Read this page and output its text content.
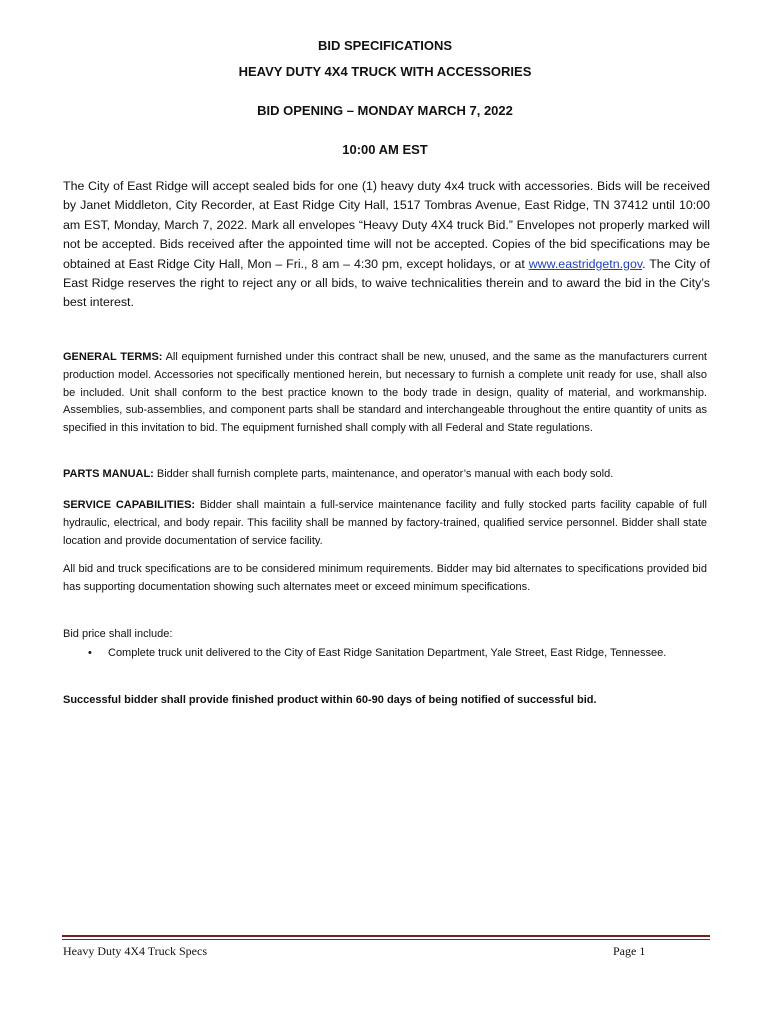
BID SPECIFICATIONS
HEAVY DUTY 4X4 TRUCK WITH ACCESSORIES
BID OPENING – MONDAY MARCH 7, 2022
10:00 AM EST
The City of East Ridge will accept sealed bids for one (1) heavy duty 4x4 truck with accessories. Bids will be received by Janet Middleton, City Recorder, at East Ridge City Hall, 1517 Tombras Avenue, East Ridge, TN 37412 until 10:00 am EST, Monday, March 7, 2022. Mark all envelopes “Heavy Duty 4X4 truck Bid.” Envelopes not properly marked will not be accepted. Bids received after the appointed time will not be accepted. Copies of the bid specifications may be obtained at East Ridge City Hall, Mon – Fri., 8 am – 4:30 pm, except holidays, or at www.eastridgetn.gov. The City of East Ridge reserves the right to reject any or all bids, to waive technicalities therein and to award the bid in the City’s best interest.
GENERAL TERMS: All equipment furnished under this contract shall be new, unused, and the same as the manufacturers current production model. Accessories not specifically mentioned herein, but necessary to furnish a complete unit ready for use, shall also be included. Unit shall conform to the best practice known to the body trade in design, quality of material, and workmanship. Assemblies, sub-assemblies, and component parts shall be standard and interchangeable throughout the entire quantity of units as specified in this invitation to bid. The equipment furnished shall comply with all Federal and State regulations.
PARTS MANUAL: Bidder shall furnish complete parts, maintenance, and operator’s manual with each body sold.
SERVICE CAPABILITIES: Bidder shall maintain a full-service maintenance facility and fully stocked parts facility capable of full hydraulic, electrical, and body repair. This facility shall be manned by factory-trained, qualified service personnel. Bidder shall state location and provide documentation of service facility.
All bid and truck specifications are to be considered minimum requirements. Bidder may bid alternates to specifications provided bid has supporting documentation showing such alternates meet or exceed minimum specifications.
Bid price shall include:
• Complete truck unit delivered to the City of East Ridge Sanitation Department, Yale Street, East Ridge, Tennessee.
Successful bidder shall provide finished product within 60-90 days of being notified of successful bid.
Heavy Duty 4X4 Truck Specs	Page 1
